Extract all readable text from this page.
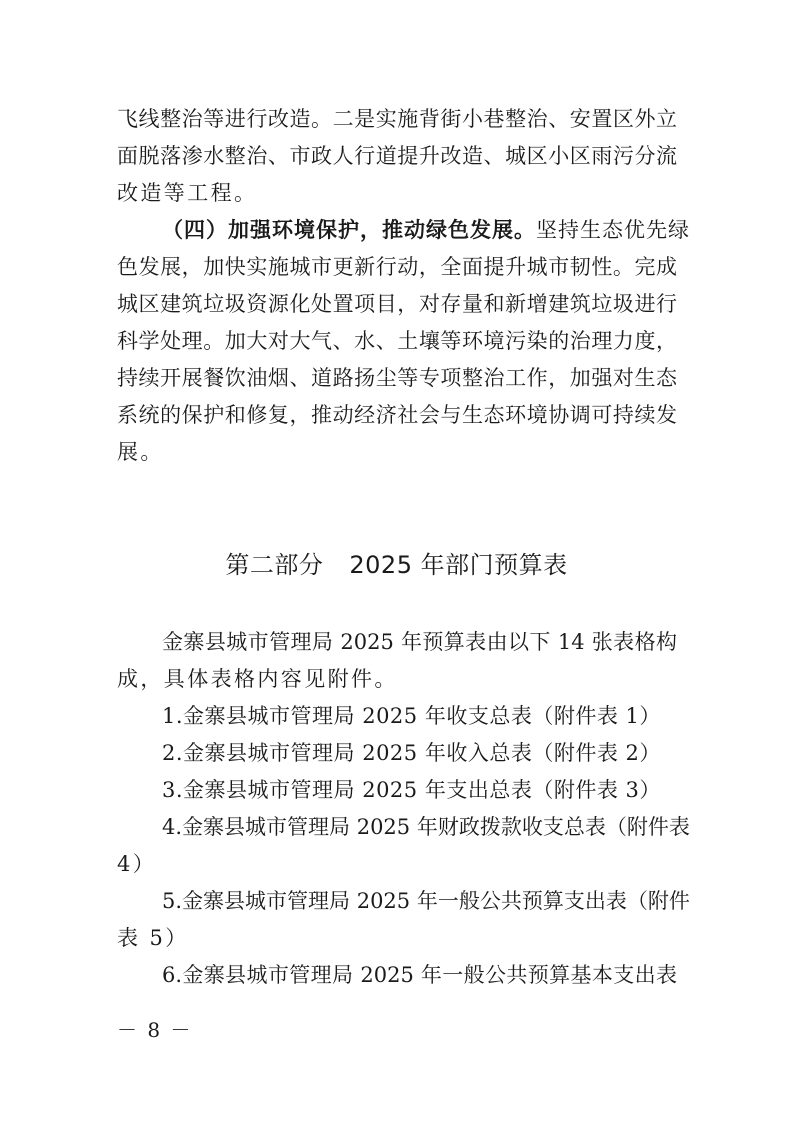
飞线整治等进行改造。二是实施背街小巷整治、安置区外立
面脱落渗水整治、市政人行道提升改造、城区小区雨污分流
改造等工程。
（四）加强环境保护，推动绿色发展。坚持生态优先绿
色发展，加快实施城市更新行动，全面提升城市韧性。完成
城区建筑垃圾资源化处置项目，对存量和新增建筑垃圾进行
科学处理。加大对大气、水、土壤等环境污染的治理力度，
持续开展餐饮油烟、道路扬尘等专项整治工作，加强对生态
系统的保护和修复，推动经济社会与生态环境协调可持续发
展。
第二部分 2025 年部门预算表
金寨县城市管理局 2025 年预算表由以下 14 张表格构
成，具体表格内容见附件。
1.金寨县城市管理局 2025 年收支总表（附件表 1）
2.金寨县城市管理局 2025 年收入总表（附件表 2）
3.金寨县城市管理局 2025 年支出总表（附件表 3）
4.金寨县城市管理局 2025 年财政拨款收支总表（附件表
4）
5.金寨县城市管理局 2025 年一般公共预算支出表（附件
表 5）
6.金寨县城市管理局 2025 年一般公共预算基本支出表
－ 8 －
